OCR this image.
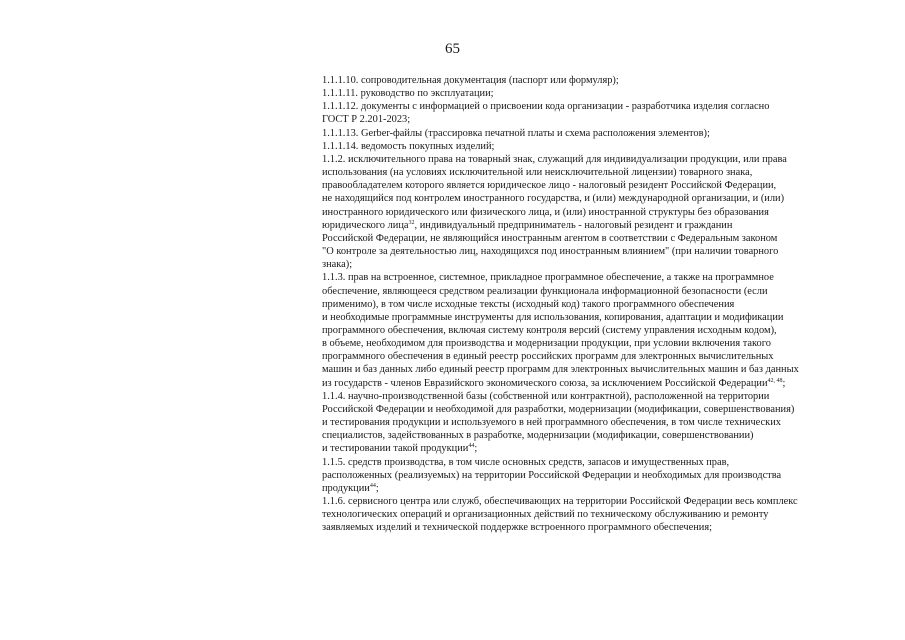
65
1.1.1.10. сопроводительная документация (паспорт или формуляр);
1.1.1.11. руководство по эксплуатации;
1.1.1.12. документы с информацией о присвоении кода организации - разработчика изделия согласно
ГОСТ Р 2.201-2023;
1.1.1.13. Gerber-файлы (трассировка печатной платы и схема расположения элементов);
1.1.1.14. ведомость покупных изделий;
1.1.2. исключительного права на товарный знак, служащий для индивидуализации продукции, или права
использования (на условиях исключительной или неисключительной лицензии) товарного знака,
правообладателем которого является юридическое лицо - налоговый резидент Российской Федерации,
не находящийся под контролем иностранного государства, и (или) международной организации, и (или)
иностранного юридического или физического лица, и (или) иностранной структуры без образования
юридического лица$^{32}$, индивидуальный предприниматель - налоговый резидент и гражданин
Российской Федерации, не являющийся иностранным агентом в соответствии с Федеральным законом
"О контроле за деятельностью лиц, находящихся под иностранным влиянием" (при наличии товарного
знака);
1.1.3. прав на встроенное, системное, прикладное программное обеспечение, а также на программное
обеспечение, являющееся средством реализации функционала информационной безопасности (если
применимо), в том числе исходные тексты (исходный код) такого программного обеспечения
и необходимые программные инструменты для использования, копирования, адаптации и модификации
программного обеспечения, включая систему контроля версий (систему управления исходным кодом),
в объеме, необходимом для производства и модернизации продукции, при условии включения такого
программного обеспечения в единый реестр российских программ для электронных вычислительных
машин и баз данных либо единый реестр программ для электронных вычислительных машин и баз данных
из государств - членов Евразийского экономического союза, за исключением Российской Федерации$^{42, 48}$;
1.1.4. научно-производственной базы (собственной или контрактной), расположенной на территории
Российской Федерации и необходимой для разработки, модернизации (модификации, совершенствования)
и тестирования продукции и используемого в ней программного обеспечения, в том числе технических
специалистов, задействованных в разработке, модернизации (модификации, совершенствовании)
и тестировании такой продукции$^{44}$;
1.1.5. средств производства, в том числе основных средств, запасов и имущественных прав,
расположенных (реализуемых) на территории Российской Федерации и необходимых для производства
продукции$^{44}$;
1.1.6. сервисного центра или служб, обеспечивающих на территории Российской Федерации весь комплекс
технологических операций и организационных действий по техническому обслуживанию и ремонту
заявляемых изделий и технической поддержке встроенного программного обеспечения;
